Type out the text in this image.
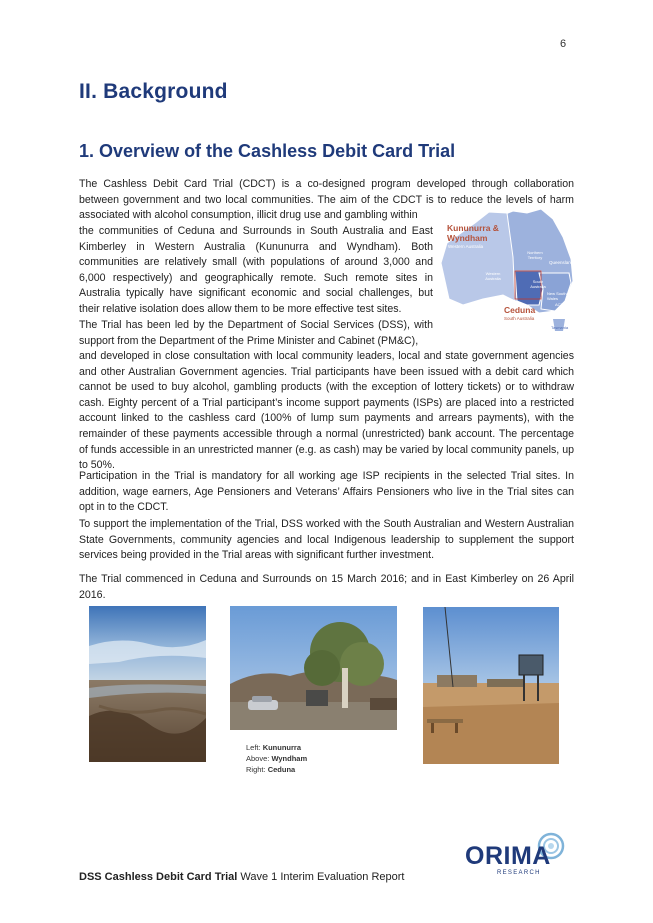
6
II. Background
1. Overview of the Cashless Debit Card Trial

The Cashless Debit Card Trial (CDCT) is a co-designed program developed through collaboration between government and two local communities. The aim of the CDCT is to reduce the levels of harm associated with alcohol consumption, illicit drug use and gambling within

the communities of Ceduna and Surrounds in South Australia and East Kimberley in Western Australia (Kununurra and Wyndham). Both communities are relatively small (with populations of around 3,000 and 6,000 respectively) and geographically remote. Such remote sites in Australia typically have significant economic and social challenges, but their relative isolation does allow them to be more effective test sites.

The Trial has been led by the Department of Social Services (DSS), with support from the Department of the Prime Minister and Cabinet (PM&C),

and developed in close consultation with local community leaders, local and state government agencies and other Australian Government agencies. Trial participants have been issued with a debit card which cannot be used to buy alcohol, gambling products (with the exception of lottery tickets) or to withdraw cash. Eighty percent of a Trial participant’s income support payments (ISPs) are placed into a restricted account linked to the cashless card (100% of lump sum payments and arrears payments), with the remainder of these payments accessible through a normal (unrestricted) bank account. The percentage of funds accessible in an unrestricted manner (e.g. as cash) may be varied by local community panels, up to 50%.

Participation in the Trial is mandatory for all working age ISP recipients in the selected Trial sites. In addition, wage earners, Age Pensioners and Veterans’ Affairs Pensioners who live in the Trial sites can opt in to the CDCT.

To support the implementation of the Trial, DSS worked with the South Australian and Western Australian State Governments, community agencies and local Indigenous leadership to supplement the support services being provided in the Trial areas with significant further investment.

The Trial commenced in Ceduna and Surrounds on 15 March 2016; and in East Kimberley on 26 April 2016.

Kununurra &
Wyndham
Western Australia
Ceduna
South Australia
Northern Territory
Queensland
Western Australia
South Australia
New South Wales
ACT
Victoria
Tasmania
Left: Kununurra
Above: Wyndham
Right: Ceduna
ORIMA
RESEARCH
DSS Cashless Debit Card Trial Wave 1 Interim Evaluation Report
